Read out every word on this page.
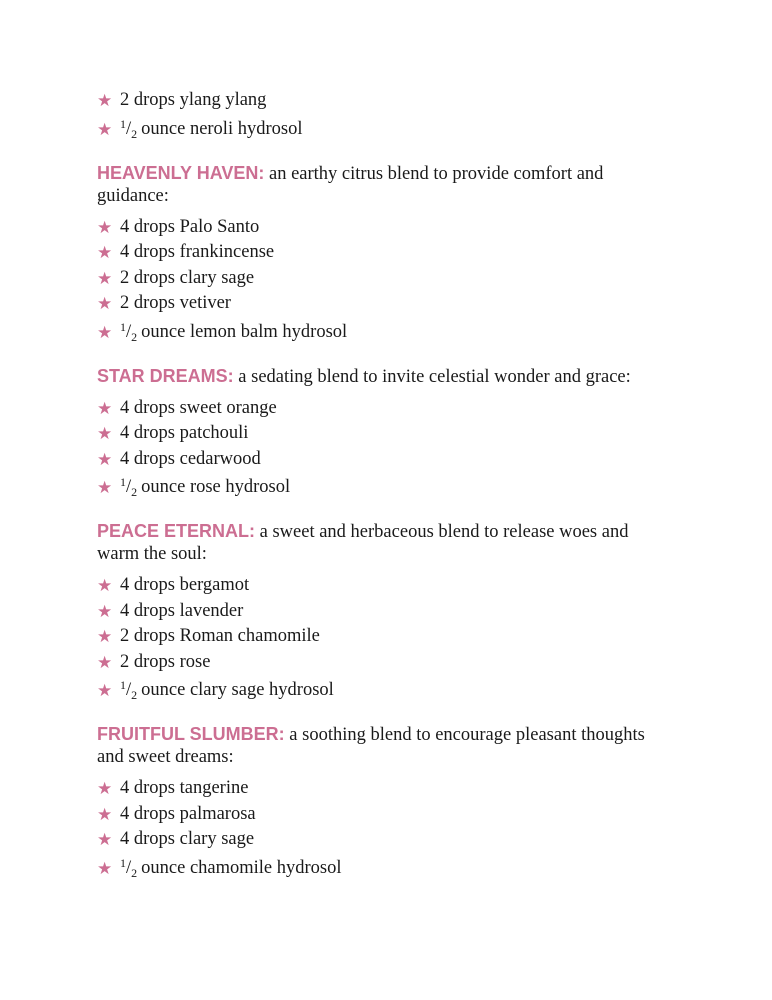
★ 2 drops ylang ylang
★ $^1/_2$ ounce neroli hydrosol

HEAVENLY HAVEN: an earthy citrus blend to provide comfort and guidance:

★ 4 drops Palo Santo
★ 4 drops frankincense
★ 2 drops clary sage
★ 2 drops vetiver
★ $^1/_2$ ounce lemon balm hydrosol

STAR DREAMS: a sedating blend to invite celestial wonder and grace:

★ 4 drops sweet orange
★ 4 drops patchouli
★ 4 drops cedarwood
★ $^1/_2$ ounce rose hydrosol

PEACE ETERNAL: a sweet and herbaceous blend to release woes and warm the soul:

★ 4 drops bergamot
★ 4 drops lavender
★ 2 drops Roman chamomile
★ 2 drops rose
★ $^1/_2$ ounce clary sage hydrosol

FRUITFUL SLUMBER: a soothing blend to encourage pleasant thoughts and sweet dreams:

★ 4 drops tangerine
★ 4 drops palmarosa
★ 4 drops clary sage
★ $^1/_2$ ounce chamomile hydrosol
